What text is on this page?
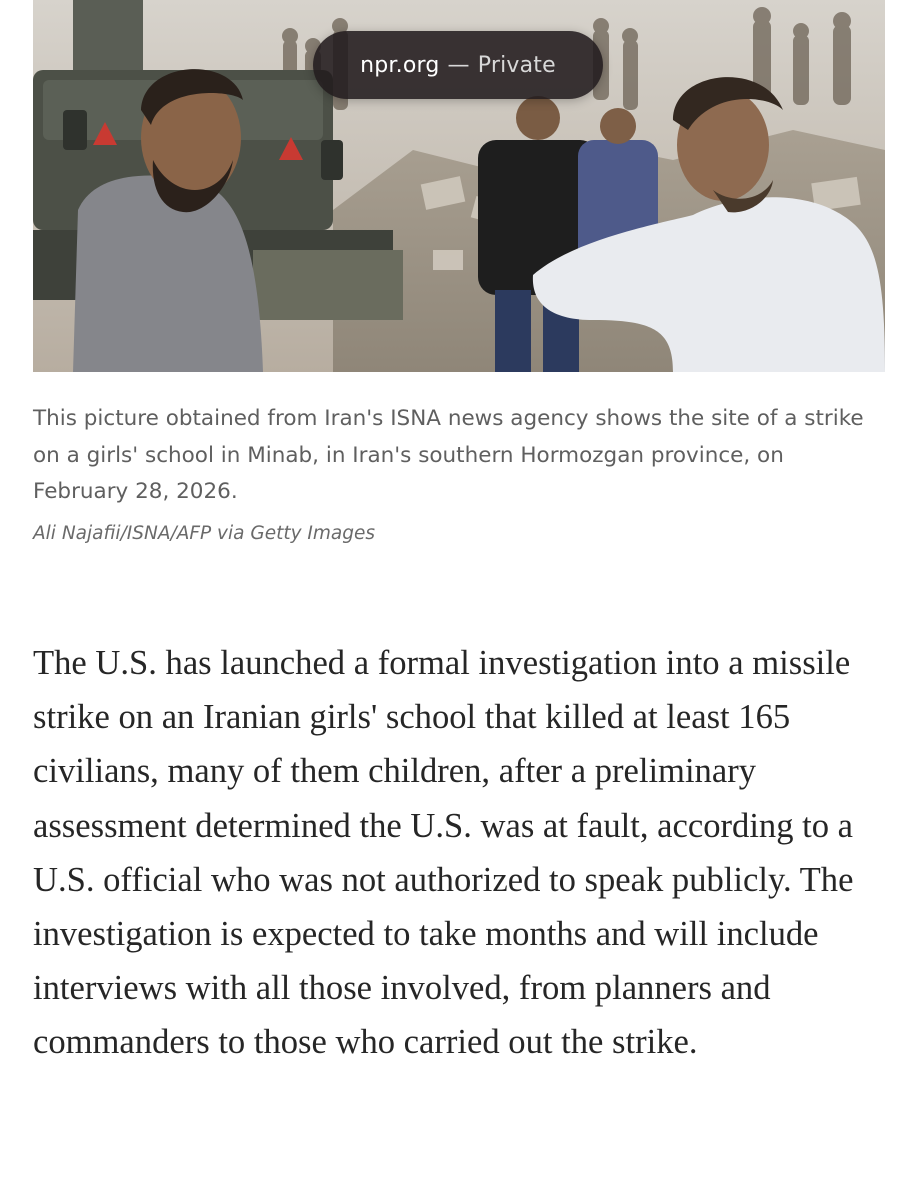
npr.org — Private

This picture obtained from Iran's ISNA news agency shows the site of a strike on a girls' school in Minab, in Iran's southern Hormozgan province, on February 28, 2026.

Ali Najafii/ISNA/AFP via Getty Images

The U.S. has launched a formal investigation into a missile strike on an Iranian girls' school that killed at least 165 civilians, many of them children, after a preliminary assessment determined the U.S. was at fault, according to a U.S. official who was not authorized to speak publicly. The investigation is expected to take months and will include interviews with all those involved, from planners and commanders to those who carried out the strike.
